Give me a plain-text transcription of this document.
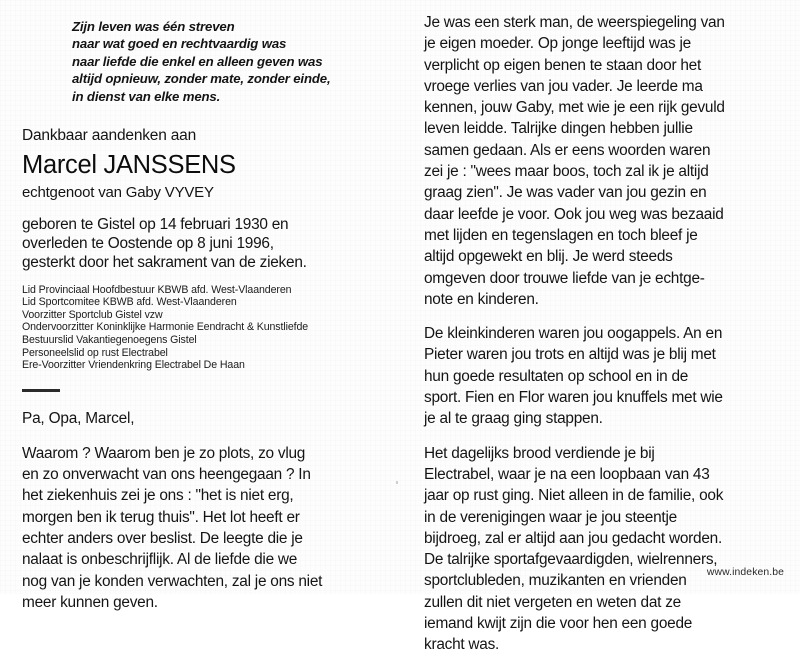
Zijn leven was één streven
naar wat goed en rechtvaardig was
naar liefde die enkel en alleen geven was
altijd opnieuw, zonder mate, zonder einde,
in dienst van elke mens.
Dankbaar aandenken aan
Marcel JANSSENS
echtgenoot van Gaby VYVEY
geboren te Gistel op 14 februari 1930 en
overleden te Oostende op 8 juni 1996,
gesterkt door het sakrament van de zieken.
Lid Provinciaal Hoofdbestuur KBWB afd. West-Vlaanderen
Lid Sportcomitee KBWB afd. West-Vlaanderen
Voorzitter Sportclub Gistel vzw
Ondervoorzitter Koninklijke Harmonie Eendracht & Kunstliefde
Bestuurslid Vakantiegenoegens Gistel
Personeelslid op rust Electrabel
Ere-Voorzitter Vriendenkring Electrabel De Haan
Pa, Opa, Marcel,
Waarom ? Waarom ben je zo plots, zo vlug
en zo onverwacht van ons heengegaan ? In
het ziekenhuis zei je ons : "het is niet erg,
morgen ben ik terug thuis". Het lot heeft er
echter anders over beslist. De leegte die je
nalaat is onbeschrijflijk. Al de liefde die we
nog van je konden verwachten, zal je ons niet
meer kunnen geven.
Je was een sterk man, de weerspiegeling van
je eigen moeder. Op jonge leeftijd was je
verplicht op eigen benen te staan door het
vroege verlies van jou vader. Je leerde ma
kennen, jouw Gaby, met wie je een rijk gevuld
leven leidde. Talrijke dingen hebben jullie
samen gedaan. Als er eens woorden waren
zei je : "wees maar boos, toch zal ik je altijd
graag zien". Je was vader van jou gezin en
daar leefde je voor. Ook jou weg was bezaaid
met lijden en tegenslagen en toch bleef je
altijd opgewekt en blij. Je werd steeds
omgeven door trouwe liefde van je echtge-
note en kinderen.
De kleinkinderen waren jou oogappels. An en
Pieter waren jou trots en altijd was je blij met
hun goede resultaten op school en in de
sport. Fien en Flor waren jou knuffels met wie
je al te graag ging stappen.
Het dagelijks brood verdiende je bij
Electrabel, waar je na een loopbaan van 43
jaar op rust ging. Niet alleen in de familie, ook
in de verenigingen waar je jou steentje
bijdroeg, zal er altijd aan jou gedacht worden.
De talrijke sportafgevaardigden, wielrenners,
sportclubleden, muzikanten en vrienden
zullen dit niet vergeten en weten dat ze
iemand kwijt zijn die voor hen een goede
kracht was.
www.indeken.be
